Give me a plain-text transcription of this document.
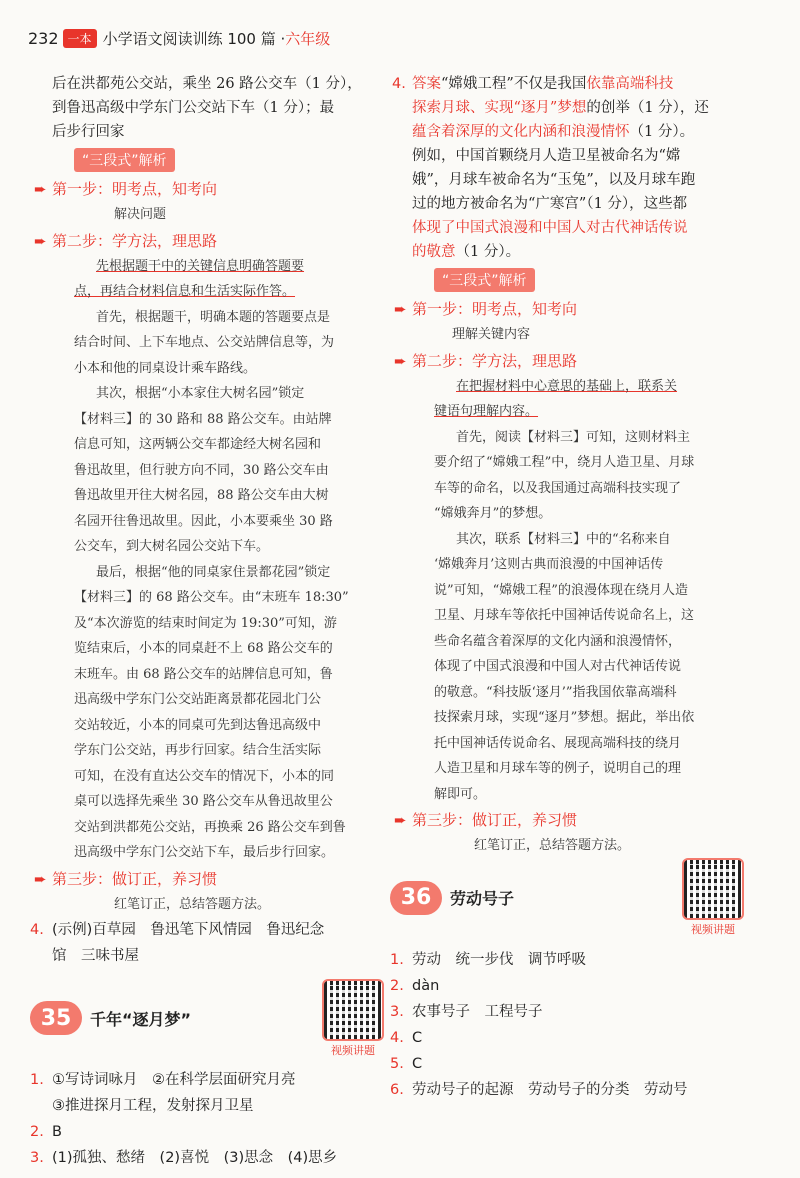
232 一本 小学语文阅读训练 100 篇 · 六年级
后在洪都苑公交站，乘坐 26 路公交车（1 分），
到鲁迅高级中学东门公交站下车（1 分）；最
后步行回家
“三段式”解析
➨ 第一步：明考点，知考向
解决问题
➨ 第二步：学方法，理思路
先根据题干中的关键信息明确答题要
点，再结合材料信息和生活实际作答。
首先，根据题干，明确本题的答题要点是
结合时间、上下车地点、公交站牌信息等，为
小本和他的同桌设计乘车路线。
其次，根据“小本家住大树名园”锁定
【材料三】的 30 路和 88 路公交车。由站牌
信息可知，这两辆公交车都途经大树名园和
鲁迅故里，但行驶方向不同，30 路公交车由
鲁迅故里开往大树名园，88 路公交车由大树
名园开往鲁迅故里。因此，小本要乘坐 30 路
公交车，到大树名园公交站下车。
最后，根据“他的同桌家住景都花园”锁定
【材料三】的 68 路公交车。由“末班车 18:30”
及“本次游览的结束时间定为 19:30”可知，游
览结束后，小本的同桌赶不上 68 路公交车的
末班车。由 68 路公交车的站牌信息可知，鲁
迅高级中学东门公交站距离景都花园北门公
交站较近，小本的同桌可先到达鲁迅高级中
学东门公交站，再步行回家。结合生活实际
可知，在没有直达公交车的情况下，小本的同
桌可以选择先乘坐 30 路公交车从鲁迅故里公
交站到洪都苑公交站，再换乘 26 路公交车到鲁
迅高级中学东门公交站下车，最后步行回家。
➨ 第三步：做订正，养习惯
红笔订正，总结答题方法。
4. (示例)百草园　鲁迅笔下风情园　鲁迅纪念
馆　三味书屋
35	千年“逐月梦”
视频讲题
1. ①写诗词咏月　②在科学层面研究月亮
③推进探月工程，发射探月卫星
2. B
3. (1)孤独、愁绪　(2)喜悦　(3)思念　(4)思乡
4. 答案“嫦娥工程”不仅是我国依靠高端科技
探索月球、实现“逐月”梦想的创举（1 分），还
蕴含着深厚的文化内涵和浪漫情怀（1 分）。
例如，中国首颗绕月人造卫星被命名为“嫦
娥”，月球车被命名为“玉兔”，以及月球车跑
过的地方被命名为“广寒宫”（1 分），这些都
体现了中国式浪漫和中国人对古代神话传说
的敬意（1 分）。
“三段式”解析
➨ 第一步：明考点，知考向
理解关键内容
➨ 第二步：学方法，理思路
在把握材料中心意思的基础上，联系关
键语句理解内容。
首先，阅读【材料三】可知，这则材料主
要介绍了“嫦娥工程”中，绕月人造卫星、月球
车等的命名，以及我国通过高端科技实现了
“嫦娥奔月”的梦想。
其次，联系【材料三】中的“名称来自
‘嫦娥奔月’这则古典而浪漫的中国神话传
说”可知，“嫦娥工程”的浪漫体现在绕月人造
卫星、月球车等依托中国神话传说命名上，这
些命名蕴含着深厚的文化内涵和浪漫情怀，
体现了中国式浪漫和中国人对古代神话传说
的敬意。“科技版‘逐月’”指我国依靠高端科
技探索月球，实现“逐月”梦想。据此，举出依
托中国神话传说命名、展现高端科技的绕月
人造卫星和月球车等的例子，说明自己的理
解即可。
➨ 第三步：做订正，养习惯
红笔订正，总结答题方法。
36	劳动号子
视频讲题
1. 劳动　统一步伐　调节呼吸
2. dàn
3. 农事号子　工程号子
4. C
5. C
6. 劳动号子的起源　劳动号子的分类　劳动号
